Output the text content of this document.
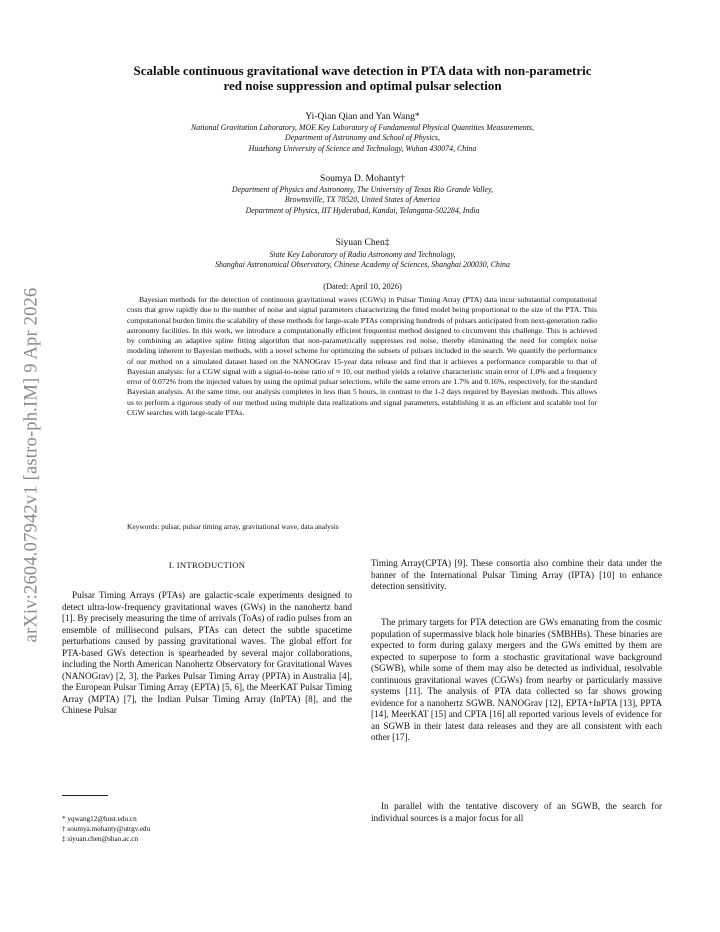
arXiv:2604.07942v1 [astro-ph.IM] 9 Apr 2026
Scalable continuous gravitational wave detection in PTA data with non-parametric
red noise suppression and optimal pulsar selection
Yi-Qian Qian and Yan Wang*
National Gravitation Laboratory, MOE Key Laboratory of Fundamental Physical Quantities Measurements,
Department of Astronomy and School of Physics,
Huazhong University of Science and Technology, Wuhan 430074, China
Soumya D. Mohanty†
Department of Physics and Astronomy, The University of Texas Rio Grande Valley,
Brownsville, TX 78520, United States of America
Department of Physics, IIT Hyderabad, Kandai, Telangana-502284, India
Siyuan Chen‡
State Key Laboratory of Radio Astronomy and Technology,
Shanghai Astronomical Observatory, Chinese Academy of Sciences, Shanghai 200030, China
(Dated: April 10, 2026)

Bayesian methods for the detection of continuous gravitational waves (CGWs) in Pulsar Timing Array (PTA) data incur substantial computational costs that grow rapidly due to the number of noise and signal parameters characterizing the fitted model being proportional to the size of the PTA. This computational burden limits the scalability of these methods for large-scale PTAs comprising hundreds of pulsars anticipated from next-generation radio astronomy facilities. In this work, we introduce a computationally efficient frequentist method designed to circumvent this challenge. This is achieved by combining an adaptive spline fitting algorithm that non-parametrically suppresses red noise, thereby eliminating the need for complex noise modeling inherent to Bayesian methods, with a novel scheme for optimizing the subsets of pulsars included in the search. We quantify the performance of our method on a simulated dataset based on the NANOGrav 15-year data release and find that it achieves a performance comparable to that of Bayesian analysis: for a CGW signal with a signal-to-noise ratio of ≈ 10, our method yields a relative characteristic strain error of 1.0% and a frequency error of 0.072% from the injected values by using the optimal pulsar selections, while the same errors are 1.7% and 0.16%, respectively, for the standard Bayesian analysis. At the same time, our analysis completes in less than 5 hours, in contrast to the 1-2 days required by Bayesian methods. This allows us to perform a rigorous study of our method using multiple data realizations and signal parameters, establishing it as an efficient and scalable tool for CGW searches with large-scale PTAs.

Keywords: pulsar, pulsar timing array, gravitational wave, data analysis
I. INTRODUCTION

Pulsar Timing Arrays (PTAs) are galactic-scale experiments designed to detect ultra-low-frequency gravitational waves (GWs) in the nanohertz band [1]. By precisely measuring the time of arrivals (ToAs) of radio pulses from an ensemble of millisecond pulsars, PTAs can detect the subtle spacetime perturbations caused by passing gravitational waves. The global effort for PTA-based GWs detection is spearheaded by several major collaborations, including the North American Nanohertz Observatory for Gravitational Waves (NANOGrav) [2, 3], the Parkes Pulsar Timing Array (PPTA) in Australia [4], the European Pulsar Timing Array (EPTA) [5, 6], the MeerKAT Pulsar Timing Array (MPTA) [7], the Indian Pulsar Timing Array (InPTA) [8], and the Chinese Pulsar

Timing Array(CPTA) [9]. These consortia also combine their data under the banner of the International Pulsar Timing Array (IPTA) [10] to enhance detection sensitivity.

The primary targets for PTA detection are GWs emanating from the cosmic population of supermassive black hole binaries (SMBHBs). These binaries are expected to form during galaxy mergers and the GWs emitted by them are expected to superpose to form a stochastic gravitational wave background (SGWB), while some of them may also be detected as individual, resolvable continuous gravitational waves (CGWs) from nearby or particularly massive systems [11]. The analysis of PTA data collected so far shows growing evidence for a nanohertz SGWB. NANOGrav [12], EPTA+InPTA [13], PPTA [14], MeerKAT [15] and CPTA [16] all reported various levels of evidence for an SGWB in their latest data releases and they are all consistent with each other [17].

In parallel with the tentative discovery of an SGWB, the search for individual sources is a major focus for all

* yqwang12@hust.edu.cn
† soumya.mohanty@utrgv.edu
‡ siyuan.chen@shao.ac.cn
